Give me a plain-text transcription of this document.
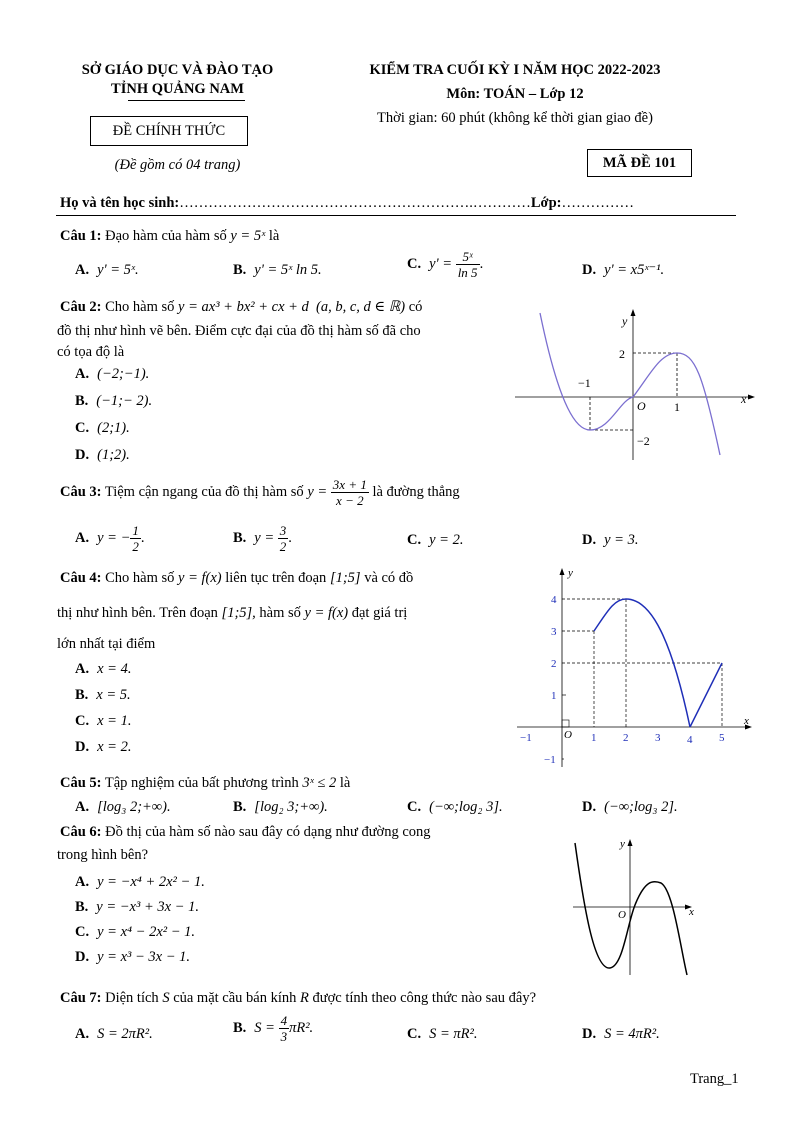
SỞ GIÁO DỤC VÀ ĐÀO TẠO
TỈNH QUẢNG NAM
ĐỀ CHÍNH THỨC
(Đề gồm có 04 trang)
KIỂM TRA CUỐI KỲ I NĂM HỌC 2022-2023
Môn: TOÁN – Lớp 12
Thời gian: 60 phút (không kể thời gian giao đề)
MÃ ĐỀ 101
Họ và tên học sinh:…………………………………………………….…………Lớp:……………
Câu 1: Đạo hàm của hàm số y = 5ˣ là
A. y' = 5ˣ.	B. y' = 5ˣ ln 5.	C. $y' = \frac{\text{5ˣ}}{\ln 5}$ .	D. y' = x5ˣ⁻¹.
Câu 2: Cho hàm số y = ax³ + bx² + cx + d (a, b, c, d ∈ ℝ) có
đồ thị như hình vẽ bên. Điểm cực đại của đồ thị hàm số đã cho
có tọa độ là
A. (−2;−1).
B. (−1;− 2).
C. (2;1).
D. (1;2).
y
x
2
−1
O 1
−2
Câu 3: Tiệm cận ngang của đồ thị hàm số $y = \frac{3x + 1}{x - 2}$ là đường thẳng
A. y = − $\frac{1}{2}$ .	B. $y = \frac{3}{2}$ .	C. y = 2.	D. y = 3.
Câu 4: Cho hàm số y = f(x) liên tục trên đoạn [1;5] và có đồ
thị như hình bên. Trên đoạn [1;5], hàm số y = f(x) đạt giá trị
lớn nhất tại điểm
A. x = 4.
B. x = 5.
C. x = 1.
D. x = 2.
y
x
O
−1	1 2 3 4 5
4
3
2
1
−1
Câu 5: Tập nghiệm của bất phương trình 3ˣ ≤ 2 là
A. [log₃ 2;+∞).	B. [log₂ 3;+∞).	C. (−∞;log₂ 3].	D. (−∞;log₃ 2].
Câu 6: Đồ thị của hàm số nào sau đây có dạng như đường cong
trong hình bên?
A. y = −x⁴ + 2x² − 1.
B. y = −x³ + 3x − 1.
C. y = x⁴ − 2x² − 1.
D. y = x³ − 3x − 1.
y
x
O
Câu 7: Diện tích S của mặt cầu bán kính R được tính theo công thức nào sau đây?
A. S = 2πR².	B. $S = \frac{4}{3} \pi R^2$.	C. S = πR².	D. S = 4πR².
Trang_1
